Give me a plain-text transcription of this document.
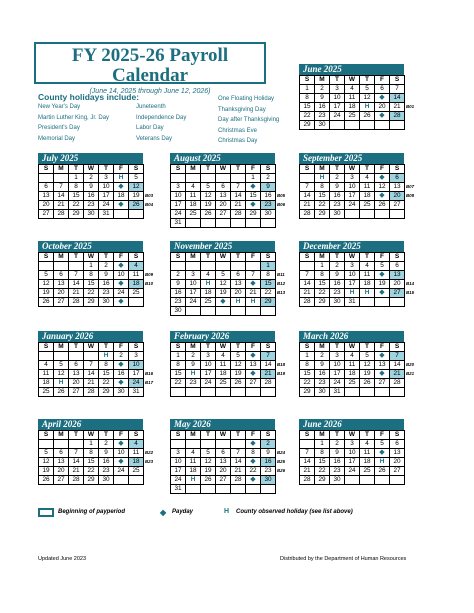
FY 2025-26 Payroll Calendar
(June 14, 2025 through June 12, 2026)
County holidays include:
New Year's Day
Martin Luther King, Jr. Day
President's Day
Memorial Day
Juneteenth
Independence Day
Labor Day
Veterans Day
One Floating Holiday
Thanksgiving Day
Day after Thanksgiving
Christmas Eve
Christmas Day
June 2025
S	M	T	W	T	F	S	
1	2	3	4	5	6	7	
8	9	10	11	12	◆	14	
15	16	17	18	H	20	21	B01
22	23	24	25	26	◆	28	
29	30						
July 2025
S	M	T	W	T	F	S	
		1	2	3	H	5	
6	7	8	9	10	◆	12	
13	14	15	16	17	18	19	B03
20	21	22	23	24	◆	26	B04
27	28	29	30	31			
August 2025
S	M	T	W	T	F	S	
					1	2	
3	4	5	6	7	◆	9	
10	11	12	13	14	15	16	B05
17	18	19	20	21	◆	23	B06
24	25	26	27	28	29	30	
31							
September 2025
S	M	T	W	T	F	S	
	H	2	3	4	◆	6	
7	8	9	10	11	12	13	B07
14	15	16	17	18	◆	20	B08
21	22	23	24	25	26	27	
28	29	30					
October 2025
S	M	T	W	T	F	S	
			1	2	◆	4	
5	6	7	8	9	10	11	B09
12	13	14	15	16	◆	18	B10
19	20	21	22	23	24	25	
26	27	28	29	30	◆		
November 2025
S	M	T	W	T	F	S	
						1	
2	3	4	5	6	7	8	B11
9	10	H	12	13	◆	15	B12
16	17	18	19	20	21	22	B13
23	24	25	◆	H	H	29	
30							
December 2025
S	M	T	W	T	F	S	
	1	2	3	4	5	6	
7	8	9	10	11	◆	13	
14	15	16	17	18	19	20	B14
21	22	23	H	H	◆	27	B15
28	29	30	31				
January 2026
S	M	T	W	T	F	S	
				H	2	3	
4	5	6	7	8	◆	10	
11	12	13	14	15	16	17	B16
18	H	20	21	22	◆	24	B17
25	26	27	28	29	30	31	
February 2026
S	M	T	W	T	F	S	
1	2	3	4	5	◆	7	
8	9	10	11	12	13	14	B18
15	H	17	18	19	◆	21	B19
22	23	24	25	26	27	28	

March 2026
S	M	T	W	T	F	S	
1	2	3	4	5	◆	7	
8	9	10	11	12	13	14	B20
15	16	17	18	19	◆	21	B21
22	23	24	25	26	27	28	
29	30	31					
April 2026
S	M	T	W	T	F	S	
			1	2	◆	4	
5	6	7	8	9	10	11	B22
12	13	14	15	16	◆	18	B23
19	20	21	22	23	24	25	
26	27	28	29	30			
May 2026
S	M	T	W	T	F	S	
					◆	2	
3	4	5	6	7	8	9	B24
10	11	12	13	14	◆	16	B25
17	18	19	20	21	22	23	B26
24	H	26	27	28	◆	30	
31							
June 2026
S	M	T	W	T	F	S	
	1	2	3	4	5	6	
7	8	9	10	11	◆	13	
14	15	16	17	18	H	20	
21	22	23	24	25	26	27	
28	29	30					
Beginning of payperiod	◆ Payday	H County observed holiday (see list above)
Updated June 2023	Distributed by the Department of Human Resources
